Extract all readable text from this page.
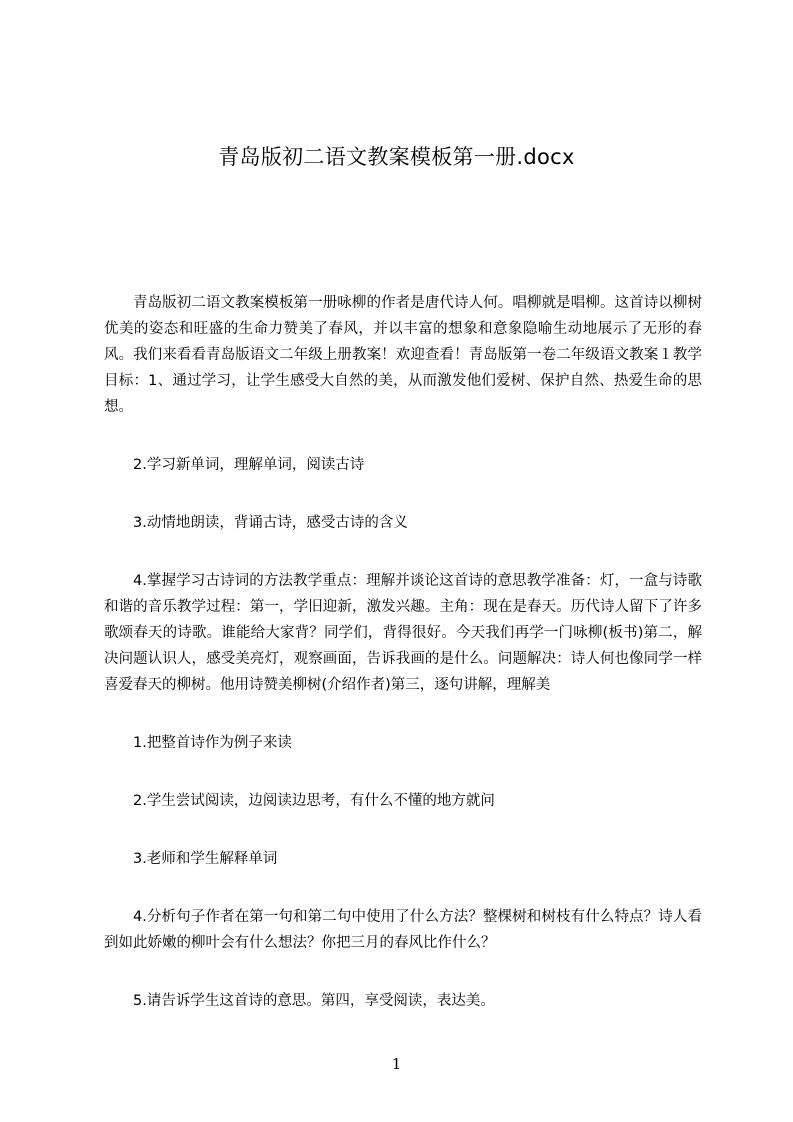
青岛版初二语文教案模板第一册.docx

青岛版初二语文教案模板第一册咏柳的作者是唐代诗人何。唱柳就是唱柳。这首诗以柳树优美的姿态和旺盛的生命力赞美了春风，并以丰富的想象和意象隐喻生动地展示了无形的春风。我们来看看青岛版语文二年级上册教案！欢迎查看！青岛版第一卷二年级语文教案１教学目标：1、通过学习，让学生感受大自然的美，从而激发他们爱树、保护自然、热爱生命的思想。

2.学习新单词，理解单词，阅读古诗

3.动情地朗读，背诵古诗，感受古诗的含义

4.掌握学习古诗词的方法教学重点：理解并谈论这首诗的意思教学准备：灯，一盒与诗歌和谐的音乐教学过程：第一，学旧迎新，激发兴趣。主角：现在是春天。历代诗人留下了许多歌颂春天的诗歌。谁能给大家背？同学们，背得很好。今天我们再学一门咏柳(板书)第二，解决问题认识人，感受美亮灯，观察画面，告诉我画的是什么。问题解决：诗人何也像同学一样喜爱春天的柳树。他用诗赞美柳树(介绍作者)第三，逐句讲解，理解美

1.把整首诗作为例子来读

2.学生尝试阅读，边阅读边思考，有什么不懂的地方就问

3.老师和学生解释单词

4.分析句子作者在第一句和第二句中使用了什么方法？整棵树和树枝有什么特点？诗人看到如此娇嫩的柳叶会有什么想法？你把三月的春风比作什么？

5.请告诉学生这首诗的意思。第四，享受阅读，表达美。

1
